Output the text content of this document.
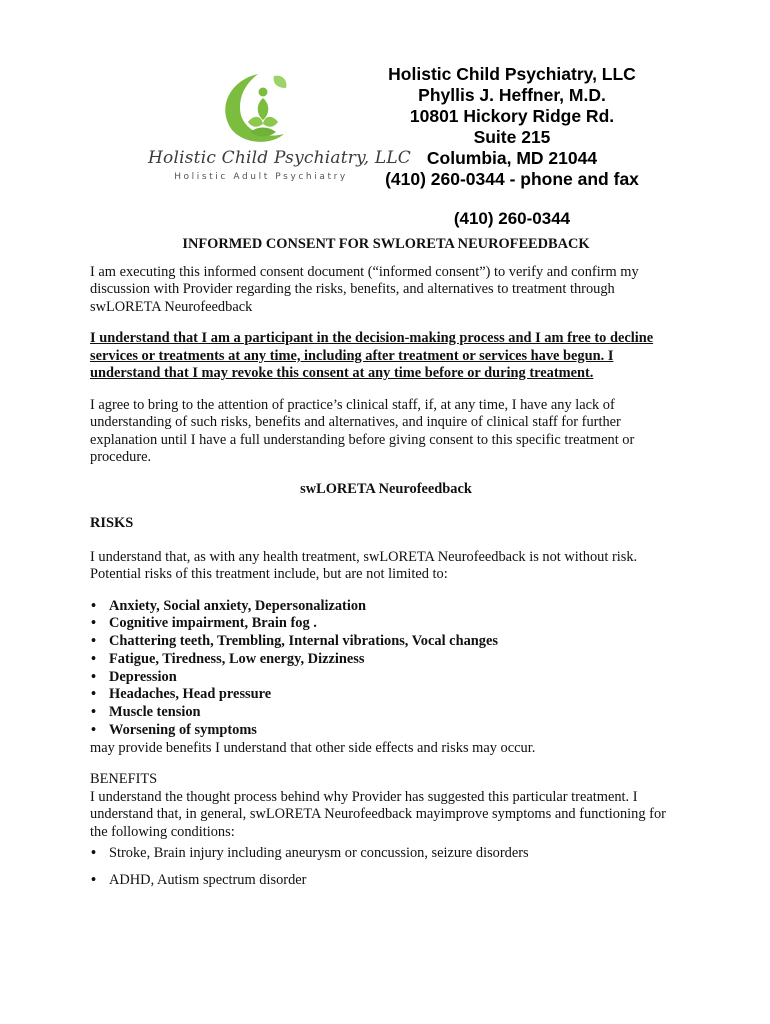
Holistic Child Psychiatry, LLC
Holistic Adult Psychiatry
Holistic Child Psychiatry, LLC
Phyllis J. Heffner, M.D.
10801 Hickory Ridge Rd.
Suite 215
Columbia, MD 21044
(410) 260-0344 - phone and fax
(410) 260-0344
INFORMED CONSENT FOR SWLORETA NEUROFEEDBACK

I am executing this informed consent document (“informed consent”) to verify and confirm my discussion with Provider regarding the risks, benefits, and alternatives to treatment through swLORETA Neurofeedback

I understand that I am a participant in the decision-making process and I am free to decline services or treatments at any time, including after treatment or services have begun. I understand that I may revoke this consent at any time before or during treatment.

I agree to bring to the attention of practice’s clinical staff, if, at any time, I have any lack of understanding of such risks, benefits and alternatives, and inquire of clinical staff for further explanation until I have a full understanding before giving consent to this specific treatment or procedure.

swLORETA Neurofeedback
RISKS

I understand that, as with any health treatment, swLORETA Neurofeedback is not without risk. Potential risks of this treatment include, but are not limited to:

• Anxiety, Social anxiety, Depersonalization
• Cognitive impairment, Brain fog .
• Chattering teeth, Trembling, Internal vibrations, Vocal changes
• Fatigue, Tiredness, Low energy, Dizziness
• Depression
• Headaches, Head pressure
• Muscle tension
• Worsening of symptoms

may provide benefits I understand that other side effects and risks may occur.

BENEFITS

I understand the thought process behind why Provider has suggested this particular treatment. I understand that, in general, swLORETA Neurofeedback mayimprove symptoms and functioning for the following conditions:

• Stroke, Brain injury including aneurysm or concussion, seizure disorders
• ADHD, Autism spectrum disorder
